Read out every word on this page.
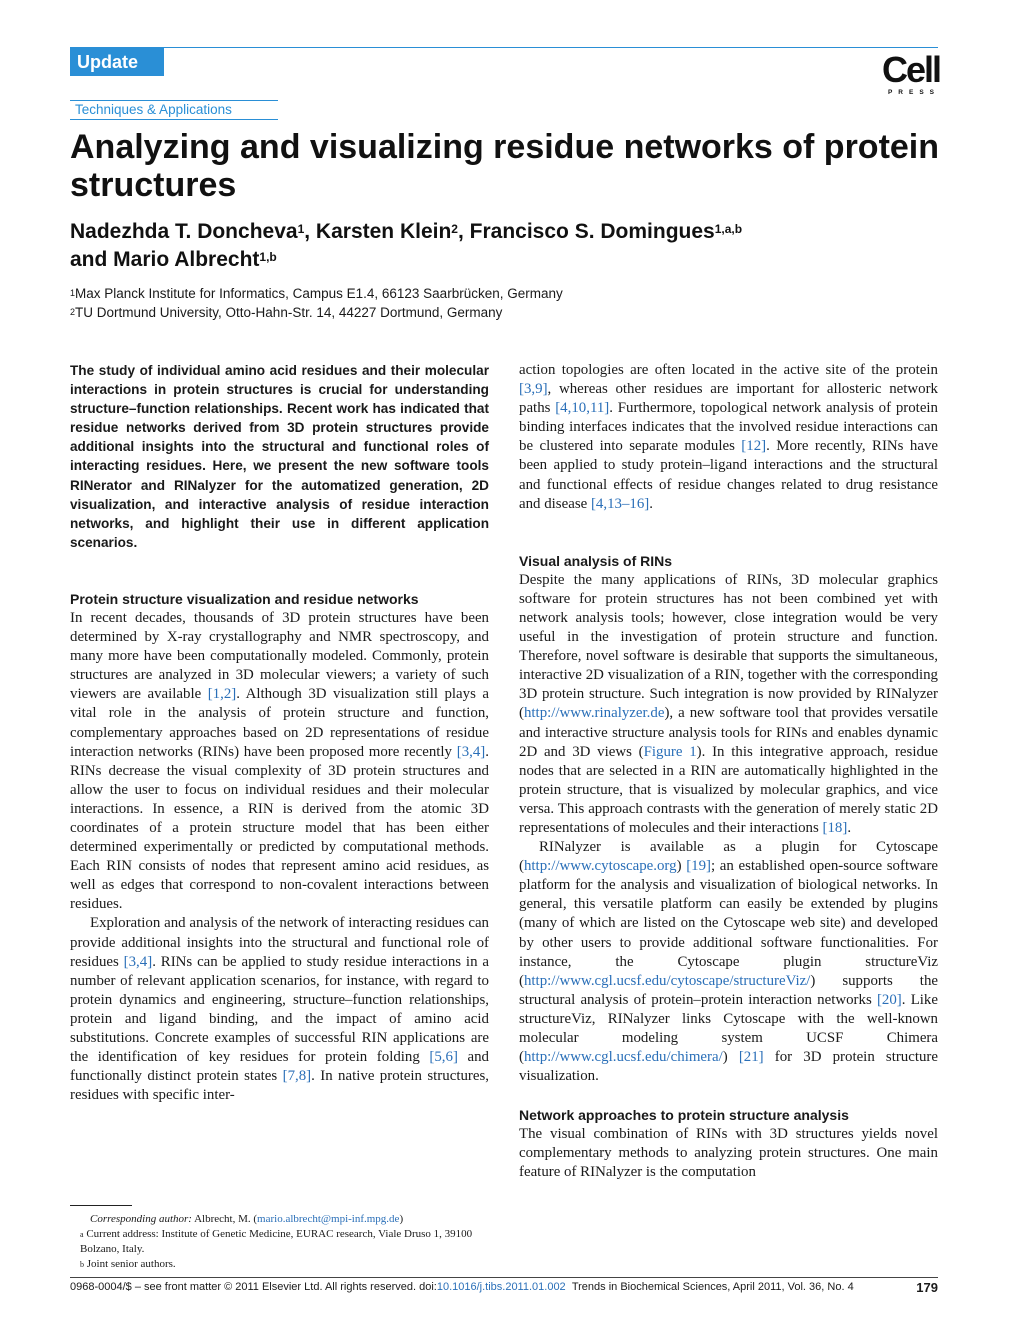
Update	Cell
PRESS
Techniques & Applications
Analyzing and visualizing residue networks of protein structures
Nadezhda T. Doncheva$^1$, Karsten Klein$^2$, Francisco S. Domingues$^{1,a,b}$
and Mario Albrecht$^{1,b}$
$^1$Max Planck Institute for Informatics, Campus E1.4, 66123 Saarbrücken, Germany
$^2$TU Dortmund University, Otto-Hahn-Str. 14, 44227 Dortmund, Germany

The study of individual amino acid residues and their molecular interactions in protein structures is crucial for understanding structure–function relationships. Recent work has indicated that residue networks derived from 3D protein structures provide additional insights into the structural and functional roles of interacting residues. Here, we present the new software tools RINerator and RINalyzer for the automatized generation, 2D visualization, and interactive analysis of residue interaction networks, and highlight their use in different application scenarios.

Protein structure visualization and residue networks

In recent decades, thousands of 3D protein structures have been determined by X-ray crystallography and NMR spectroscopy, and many more have been computationally modeled. Commonly, protein structures are analyzed in 3D molecular viewers; a variety of such viewers are available [1,2]. Although 3D visualization still plays a vital role in the analysis of protein structure and function, complementary approaches based on 2D representations of residue interaction networks (RINs) have been proposed more recently [3,4]. RINs decrease the visual complexity of 3D protein structures and allow the user to focus on individual residues and their molecular interactions. In essence, a RIN is derived from the atomic 3D coordinates of a protein structure model that has been either determined experimentally or predicted by computational methods. Each RIN consists of nodes that represent amino acid residues, as well as edges that correspond to non-covalent interactions between residues.

Exploration and analysis of the network of interacting residues can provide additional insights into the structural and functional role of residues [3,4]. RINs can be applied to study residue interactions in a number of relevant application scenarios, for instance, with regard to protein dynamics and engineering, structure–function relationships, protein and ligand binding, and the impact of amino acid substitutions. Concrete examples of successful RIN applications are the identification of key residues for protein folding [5,6] and functionally distinct protein states [7,8]. In native protein structures, residues with specific inter-

action topologies are often located in the active site of the protein [3,9], whereas other residues are important for allosteric network paths [4,10,11]. Furthermore, topological network analysis of protein binding interfaces indicates that the involved residue interactions can be clustered into separate modules [12]. More recently, RINs have been applied to study protein–ligand interactions and the structural and functional effects of residue changes related to drug resistance and disease [4,13–16].

Visual analysis of RINs

Despite the many applications of RINs, 3D molecular graphics software for protein structures has not been combined yet with network analysis tools; however, close integration would be very useful in the investigation of protein structure and function. Therefore, novel software is desirable that supports the simultaneous, interactive 2D visualization of a RIN, together with the corresponding 3D protein structure. Such integration is now provided by RINalyzer (http://www.rinalyzer.de), a new software tool that provides versatile and interactive structure analysis tools for RINs and enables dynamic 2D and 3D views (Figure 1). In this integrative approach, residue nodes that are selected in a RIN are automatically highlighted in the protein structure, that is visualized by molecular graphics, and vice versa. This approach contrasts with the generation of merely static 2D representations of molecules and their interactions [18].

RINalyzer is available as a plugin for Cytoscape (http://www.cytoscape.org) [19]; an established open-source software platform for the analysis and visualization of biological networks. In general, this versatile platform can easily be extended by plugins (many of which are listed on the Cytoscape web site) and developed by other users to provide additional software functionalities. For instance, the Cytoscape plugin structureViz (http://www.cgl.ucsf.edu/cytoscape/structureViz/) supports the structural analysis of protein–protein interaction networks [20]. Like structureViz, RINalyzer links Cytoscape with the well-known molecular modeling system UCSF Chimera (http://www.cgl.ucsf.edu/chimera/) [21] for 3D protein structure visualization.

Network approaches to protein structure analysis

The visual combination of RINs with 3D structures yields novel complementary methods to analyzing protein structures. One main feature of RINalyzer is the computation

Corresponding author: Albrecht, M. (mario.albrecht@mpi-inf.mpg.de)
$^a$ Current address: Institute of Genetic Medicine, EURAC research, Viale Druso 1, 39100 Bolzano, Italy.
$^b$ Joint senior authors.
0968-0004/$ – see front matter © 2011 Elsevier Ltd. All rights reserved. doi:10.1016/j.tibs.2011.01.002 Trends in Biochemical Sciences, April 2011, Vol. 36, No. 4	179
